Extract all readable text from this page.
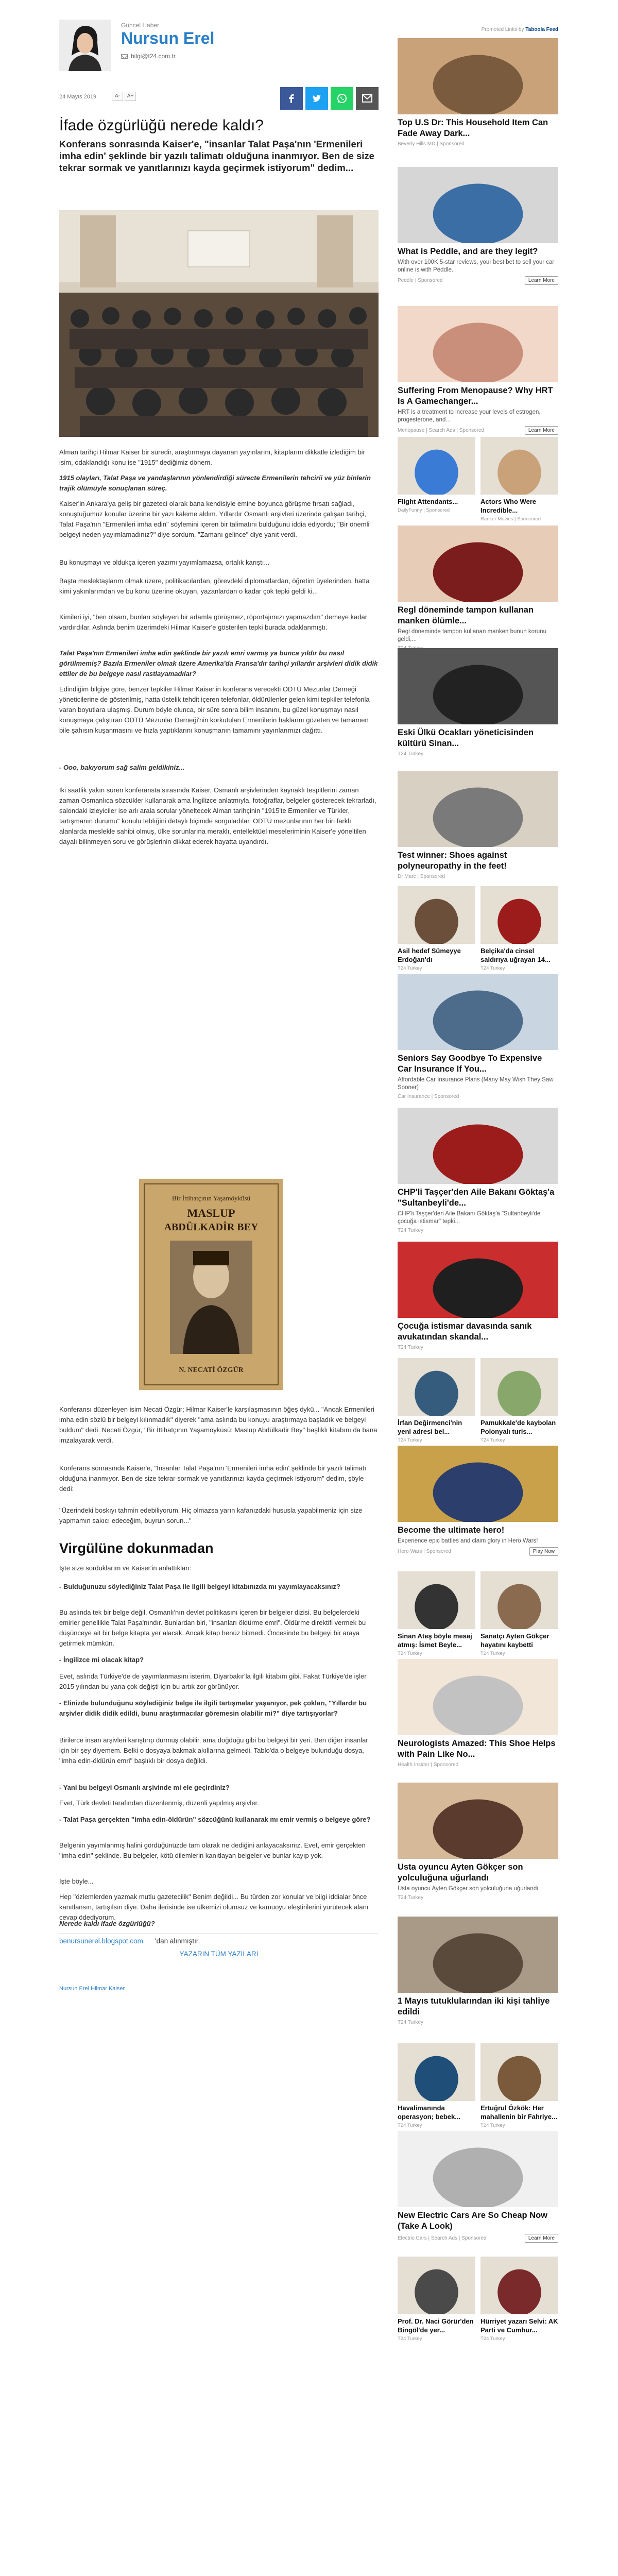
Güncel Haber
Nursun Erel
bilgi@t24.com.tr
24 Mayıs 2019	A-	A+
İfade özgürlüğü nerede kaldı?
Konferans sonrasında Kaiser'e, "insanlar Talat Paşa'nın 'Ermenileri imha edin' şeklinde bir yazılı talimatı olduğuna inanmıyor. Ben de size tekrar sormak ve yanıtlarınızı kayda geçirmek istiyorum" dedim...
Alman tarihçi Hilmar Kaiser bir süredir, araştırmaya dayanan yayınlarını, kitaplarını dikkatle izlediğim bir isim, odaklandığı konu ise "1915" dediğimiz dönem.
1915 olayları, Talat Paşa ve yandaşlarının yönlendirdiği sürecte Ermenilerin tehcirii ve yüz binlerin trajik ölümüyle sonuçlanan süreç.
Kaiser'in Ankara'ya geliş bir gazeteci olarak bana kendisiyle emine boyunca görüşme fırsatı sağladı, konuştuğumuz konular üzerine bir yazı kaleme aldım. Yıllardır Osmanlı arşivleri üzerinde çalışan tarihçi, Talat Paşa'nın "Ermenileri imha edin" söylemini içeren bir talimatını bulduğunu iddia ediyordu; "Bir önemli belgeyi neden yayımlamadınız?" diye sordum, "Zamanı gelince" diye yanıt verdi.
Bu konuşmayı ve oldukça içeren yazımı yayımlamazsa, ortalık karıştı...
Başta meslektaşlarım olmak üzere, politikacılardan, görevdeki diplomatlardan, öğretim üyelerinden, hatta kimi yakınlarımdan ve bu konu üzerine okuyan, yazanlardan o kadar çok tepki geldi ki...
Kimileri iyi, "ben olsam, bunları söyleyen bir adamla görüşmez, röportajımızı yapmazdım" demeye kadar vardırdılar. Aslında benim üzerimdeki Hilmar Kaiser'e gösterilen tepki burada odaklanmıştı.
Talat Paşa'nın Ermenileri imha edin şeklinde bir yazılı emri varmış ya bunca yıldır bu nasıl görülmemiş? Bazıla Ermeniler olmak üzere Amerika'da Fransa'dır tarihçi yıllardır arşivleri didik didik ettiler de bu belgeye nasıl rastlayamadılar?
Edindiğim bilgiye göre, benzer tepkiler Hilmar Kaiser'in konferans verecekti ODTÜ Mezunlar Derneği yöneticilerine de gösterilmiş, hatta üstelik tehdit içeren telefonlar, öldürülenler gelen kimi tepkiler telefonla varan boyutlara ulaşmış. Durum böyle olunca, bir süre sonra bilim insanını, bu güzel konuşmayı nasıl konuşmaya çalıştıran ODTÜ Mezunlar Derneği'nin korkutulan Ermenilerin haklarını gözeten ve tamamen bile şahısın kuşanmasını ve hızla yaptıklarını konuşmanın tamamını yayınlarımızı dağıttı.
- Ooo, bakıyorum sağ salim geldikiniz...
İki saatlik yakın süren konferansta sırasında Kaiser, Osmanlı arşivlerinden kaynaklı tespitlerini zaman zaman Osmanlıca sözcükler kullanarak ama İngilizce anlatmıyla, fotoğraflar, belgeler gösterecek tekrarladı, salondaki izleyiciler ise arlı arala sorular yöneltecek Alman tarihçinin "1915'te Ermeniler ve Türkler, tartışmanın durumu" konulu teblığini detaylı biçimde sorguladılar. ODTÜ mezunlarının her biri farklı alanlarda meslekle sahibi olmuş, ülke sorunlarına meraklı, entellektüel meseleriminin Kaiser'e yöneltilen dayalı bilinmeyen soru ve görüşlerinin dikkat ederek hayatta uyandırdı.
Bir İttihatçının Yaşamöyküsü
MASLUP
ABDÜLKADİR BEY
N. NECATİ ÖZGÜR
Konferansı düzenleyen isim Necati Özgür; Hilmar Kaiser'le karşılaşmasının öğeş öykü... "Ancak Ermenileri imha edin sözlü bir belgeyi kılınmadık" diyerek "ama aslında bu konuyu araştırmaya başladık ve belgeyi buldum" dedi. Necati Özgür, "Bir İttihatçının Yaşamöyküsü: Maslup Abdülkadir Bey" başlıklı kitabını da bana imzalayarak verdi.
Konferans sonrasında Kaiser'e, "İnsanlar Talat Paşa'nın 'Ermenileri imha edin' şeklinde bir yazılı talimatı olduğuna inanmıyor. Ben de size tekrar sormak ve yanıtlarınızı kayda geçirmek istiyorum" dedim, şöyle dedi:
"Üzerindeki boskıyı tahmin edebiliyorum. Hiç olmazsa yarın kafanızdaki hususla yapabilmeniz için size yapmamın sakıcı edeceğim, buyrun sorun..."
Virgülüne dokunmadan
İşte size sorduklarım ve Kaiser'in anlattıkları:
- Bulduğunuzu söylediğiniz Talat Paşa ile ilgili belgeyi kitabınızda mı yayımlayacaksınız?
Bu aslında tek bir belge değil. Osmanlı'nın devlet politikasını içeren bir belgeler dizisi. Bu belgelerdeki emirler genellikle Talat Paşa'nındır. Bunlardan biri, "insanları öldürme emri". Öldürme direktifi vermek bu düşünceye ait bir belge kitapta yer alacak. Ancak kitap henüz bitmedi. Öncesinde bu belgeyi bir araya getirmek mümkün.
- İngilizce mi olacak kitap?
Evet, aslında Türkiye'de de yayımlanmasını isterim, Diyarbakır'la ilgili kitabım gibi. Fakat Türkiye'de işler 2015 yılından bu yana çok değişti için bu artık zor görünüyor.
- Elinizde bulunduğunu söylediğiniz belge ile ilgili tartışmalar yaşanıyor, pek çokları, "Yıllardır bu arşivler didik didik edildi, bunu araştırmacılar göremesin olabilir mi?" diye tartışıyorlar?
Birilerce insan arşivleri karıştırıp durmuş olabilir, ama doğduğu gibi bu belgeyi bir yeri. Ben diğer insanlar için bir şey diyemem. Belki o dosyaya bakmak akıllarına gelmedi. Tablo'da o belgeye bulunduğu dosya, "imha edin-öldürün emri" başlıklı bir dosya değildi.
- Yani bu belgeyi Osmanlı arşivinde mi ele geçirdiniz?
Evet, Türk devleti tarafından düzenlenmiş, düzenli yapılmış arşivler.
- Talat Paşa gerçekten "imha edin-öldürün" sözcüğünü kullanarak mı emir vermiş o belgeye göre?
Belgenin yayımlanmış halini gördüğünüzde tam olarak ne dediğini anlayacaksınız. Evet, emir gerçekten "imha edin" şeklinde. Bu belgeler, kötü dilemlerin kanıtlayan belgeler ve bunlar kayıp yok.
İşte böyle...
Hep "özlemlerden yazmak mutlu gazetecilik" Benim değildi... Bu türden zor konular ve bilgi iddialar önce kanıtlansın, tartışılsın diye. Daha ilerisinde ise ülkemizi olumsuz ve kamuoyu eleştirilerini yürütecek alanı cevap ödediyorum.
Nerede kaldı ifade özgürlüğü?
benursunerel.blogspot.com 'dan alınmıştır.
YAZARIN TÜM YAZILARI
Nursun Erel Hilmar Kaiser
Promoted Links by Taboola Feed
Top U.S Dr: This Household Item Can Fade Away Dark...
Beverly Hills MD | Sponsored
What is Peddle, and are they legit?
With over 100K 5-star reviews, your best bet to sell your car online is with Peddle.
Peddle | Sponsored	Learn More
Suffering From Menopause? Why HRT Is A Gamechanger...
HRT is a treatment to increase your levels of estrogen, progesterone, and...
Menopause | Search Ads | Sponsored	Learn More
Flight Attendants...
DailyFunny | Sponsored
Actors Who Were Incredible...
Ranker Movies | Sponsored
Regl döneminde tampon kullanan manken ölümle...
Regl döneminde tampon kullanan manken bunun korunu geldi,...
Eski Ülkü Ocakları yöneticisinden kültürü Sinan...
T24 Turkey
Test winner: Shoes against polyneuropathy in the feet!
Dr Marc | Sponsored
Asil hedef Sümeyye Erdoğan'dı
T24 Turkey
Belçika'da cinsel saldırıya uğrayan 14...
T24 Turkey
Seniors Say Goodbye To Expensive Car Insurance If You...
Affordable Car Insurance Plans (Many May Wish They Saw Sooner)
Car Insurance | Sponsored
CHP'li Taşçer'den Aile Bakanı Göktaş'a "Sultanbeyli'de...
CHP'li Taşçer'den Aile Bakanı Göktaş'a "Sultanbeyli'de çocuğa istismar" tepki...
T24 Turkey
Çocuğa istismar davasında sanık avukatından skandal...
T24 Turkey
İrfan Değirmenci'nin yeni adresi bel...
T24 Turkey
Pamukkale'de kaybolan Polonyalı turis...
T24 Turkey
Become the ultimate hero!
Experience epic battles and claim glory in Hero Wars!
Hero Wars | Sponsored	Play Now
Sinan Ateş böyle mesaj atmış: İsmet Beyle...
T24 Turkey
Sanatçı Ayten Gökçer hayatını kaybetti
T24 Turkey
Neurologists Amazed: This Shoe Helps with Pain Like No...
Health Insider | Sponsored
Usta oyuncu Ayten Gökçer son yolculuğuna uğurlandı
Usta oyuncu Ayten Gökçer son yolculuğuna uğurlandı
T24 Turkey
1 Mayıs tutuklularından iki kişi tahliye edildi
T24 Turkey
Havalimanında operasyon; bebek...
T24 Turkey
Ertuğrul Özkök: Her mahallenin bir Fahriye...
T24 Turkey
New Electric Cars Are So Cheap Now (Take A Look)
Electric Cars | Search Ads | Sponsored	Learn More
Prof. Dr. Naci Görür'den Bingöl'de yer...
T24 Turkey
Hürriyet yazarı Selvi: AK Parti ve Cumhur...
T24 Turkey
